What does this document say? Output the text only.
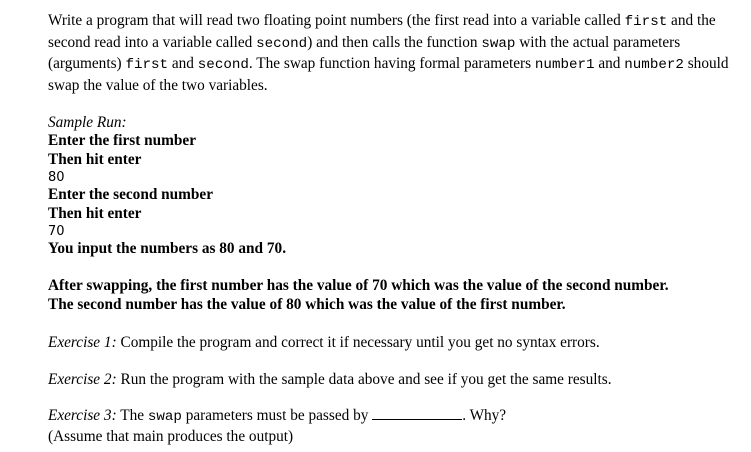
Write a program that will read two floating point numbers (the first read into a variable called first and the second read into a variable called second) and then calls the function swap with the actual parameters (arguments) first and second. The swap function having formal parameters number1 and number2 should swap the value of the two variables.

Sample Run:
Enter the first number
Then hit enter
80
Enter the second number
Then hit enter
70
You input the numbers as 80 and 70.
After swapping, the first number has the value of 70 which was the value of the second number.
The second number has the value of 80 which was the value of the first number.
Exercise 1: Compile the program and correct it if necessary until you get no syntax errors.
Exercise 2: Run the program with the sample data above and see if you get the same results.
Exercise 3: The swap parameters must be passed by	. Why?
(Assume that main produces the output)
